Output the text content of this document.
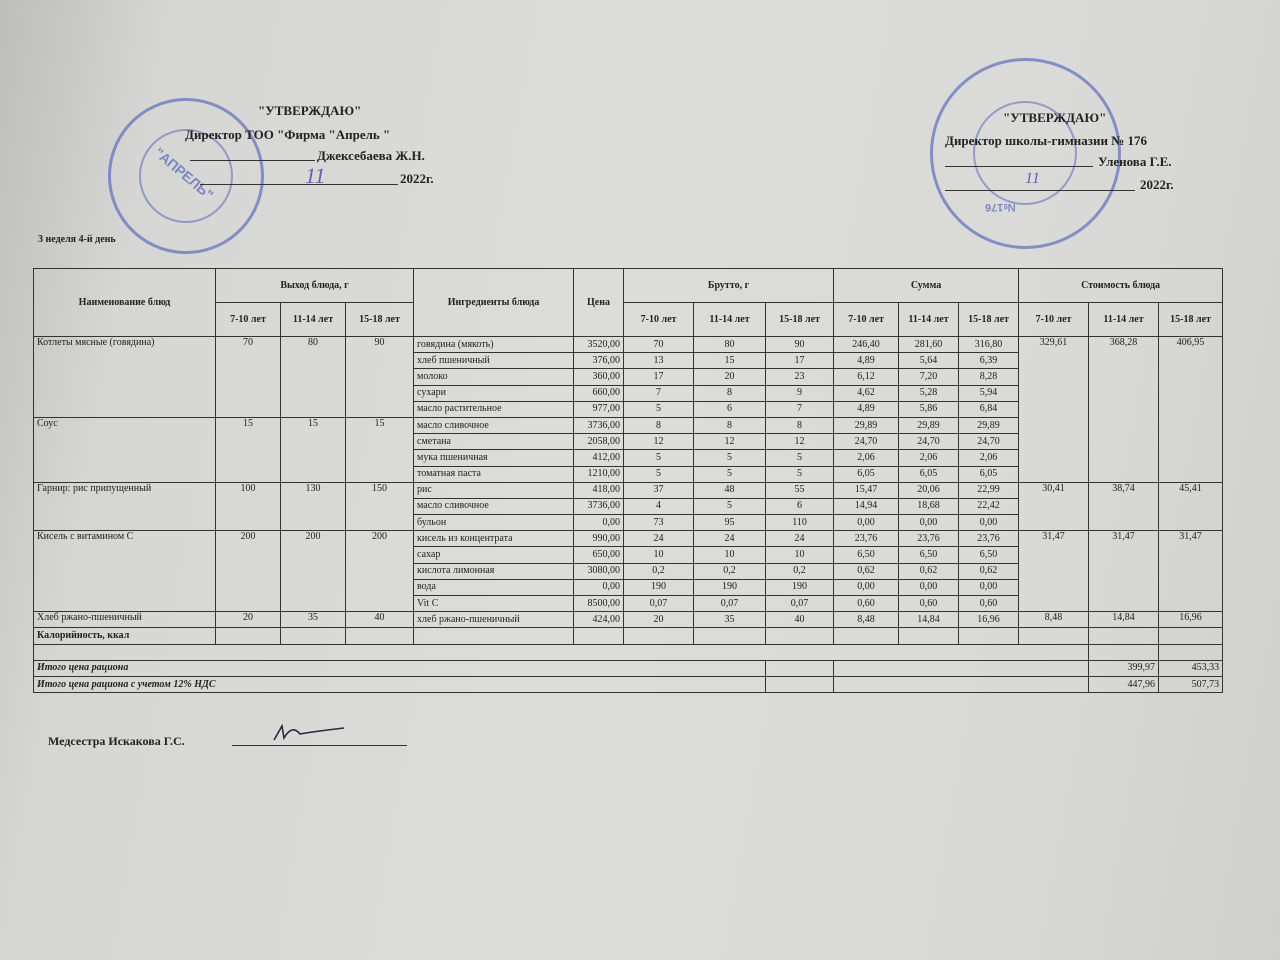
"АПРЕЛЬ"
"УТВЕРЖДАЮ"
Директор ТОО "Фирма "Апрель "
Джексебаева Ж.Н.
11	2022г.
3 неделя 4-й день
№176
"УТВЕРЖДАЮ"
Директор школы-гимназии № 176
Уленова Г.Е.
11	2022г.
Наименование блюд	Выход блюда, г			Ингредиенты блюда	Цена	Брутто, г			Сумма			Стоимость блюда			
	7-10 лет	11-14 лет	15-18 лет			7-10 лет	11-14 лет	15-18 лет	7-10 лет	11-14 лет	15-18 лет	7-10 лет	11-14 лет	15-18 лет	
Котлеты мясные (говядина)	70	80	90	говядина (мякоть)	3520,00	70	80	90	246,40	281,60	316,80	329,61	368,28	406,95	
				хлеб пшеничный	376,00	13	15	17	4,89	5,64	6,39				
				молоко	360,00	17	20	23	6,12	7,20	8,28				
				сухари	660,00	7	8	9	4,62	5,28	5,94				
				масло растительное	977,00	5	6	7	4,89	5,86	6,84				
Соус	15	15	15	масло сливочное	3736,00	8	8	8	29,89	29,89	29,89				
				сметана	2058,00	12	12	12	24,70	24,70	24,70				
				мука пшеничная	412,00	5	5	5	2,06	2,06	2,06				
				томатная паста	1210,00	5	5	5	6,05	6,05	6,05				
Гарнир: рис припущенный	100	130	150	рис	418,00	37	48	55	15,47	20,06	22,99	30,41	38,74	45,41	
				масло сливочное	3736,00	4	5	6	14,94	18,68	22,42				
				бульон	0,00	73	95	110	0,00	0,00	0,00				
Кисель с витамином С	200	200	200	кисель из концентрата	990,00	24	24	24	23,76	23,76	23,76	31,47	31,47	31,47	
				сахар	650,00	10	10	10	6,50	6,50	6,50				
				кислота лимонная	3080,00	0,2	0,2	0,2	0,62	0,62	0,62				
				вода	0,00	190	190	190	0,00	0,00	0,00				
				Vit C	8500,00	0,07	0,07	0,07	0,60	0,60	0,60				
Хлеб ржано-пшеничный	20	35	40	хлеб ржано-пшеничный	424,00	20	35	40	8,48	14,84	16,96	8,48	14,84	16,96	
Калорийность, ккал															

Итого цена рациона													399,97	453,33	
Итого цена рациона с учетом 12% НДС													447,96	507,73	
Медсестра Искакова Г.С.
